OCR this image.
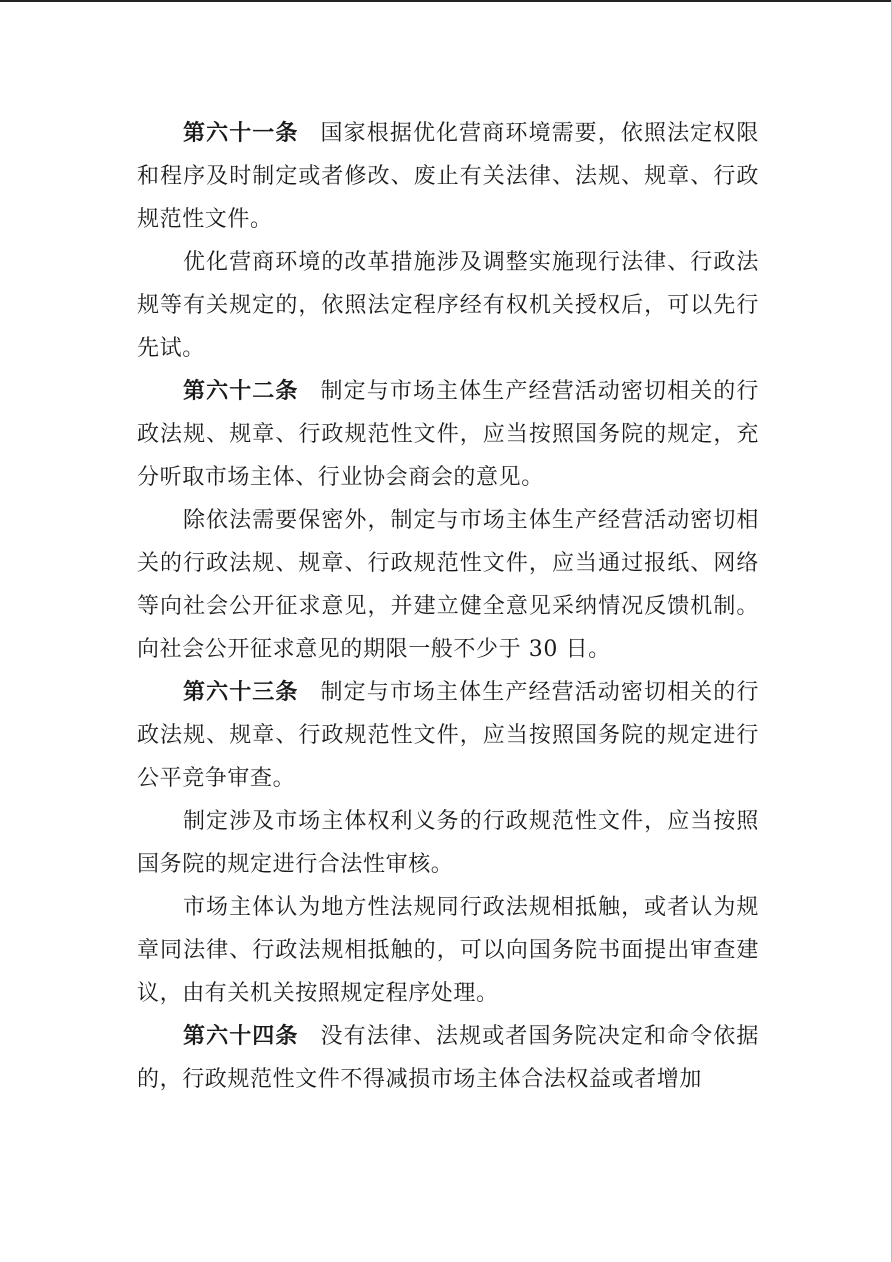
第六十一条 国家根据优化营商环境需要，依照法定权限和程序及时制定或者修改、废止有关法律、法规、规章、行政规范性文件。

优化营商环境的改革措施涉及调整实施现行法律、行政法规等有关规定的，依照法定程序经有权机关授权后，可以先行先试。

第六十二条 制定与市场主体生产经营活动密切相关的行政法规、规章、行政规范性文件，应当按照国务院的规定，充分听取市场主体、行业协会商会的意见。

除依法需要保密外，制定与市场主体生产经营活动密切相关的行政法规、规章、行政规范性文件，应当通过报纸、网络等向社会公开征求意见，并建立健全意见采纳情况反馈机制。向社会公开征求意见的期限一般不少于 30 日。

第六十三条 制定与市场主体生产经营活动密切相关的行政法规、规章、行政规范性文件，应当按照国务院的规定进行公平竞争审查。

制定涉及市场主体权利义务的行政规范性文件，应当按照国务院的规定进行合法性审核。

市场主体认为地方性法规同行政法规相抵触，或者认为规章同法律、行政法规相抵触的，可以向国务院书面提出审查建议，由有关机关按照规定程序处理。

第六十四条 没有法律、法规或者国务院决定和命令依据的，行政规范性文件不得减损市场主体合法权益或者增加
